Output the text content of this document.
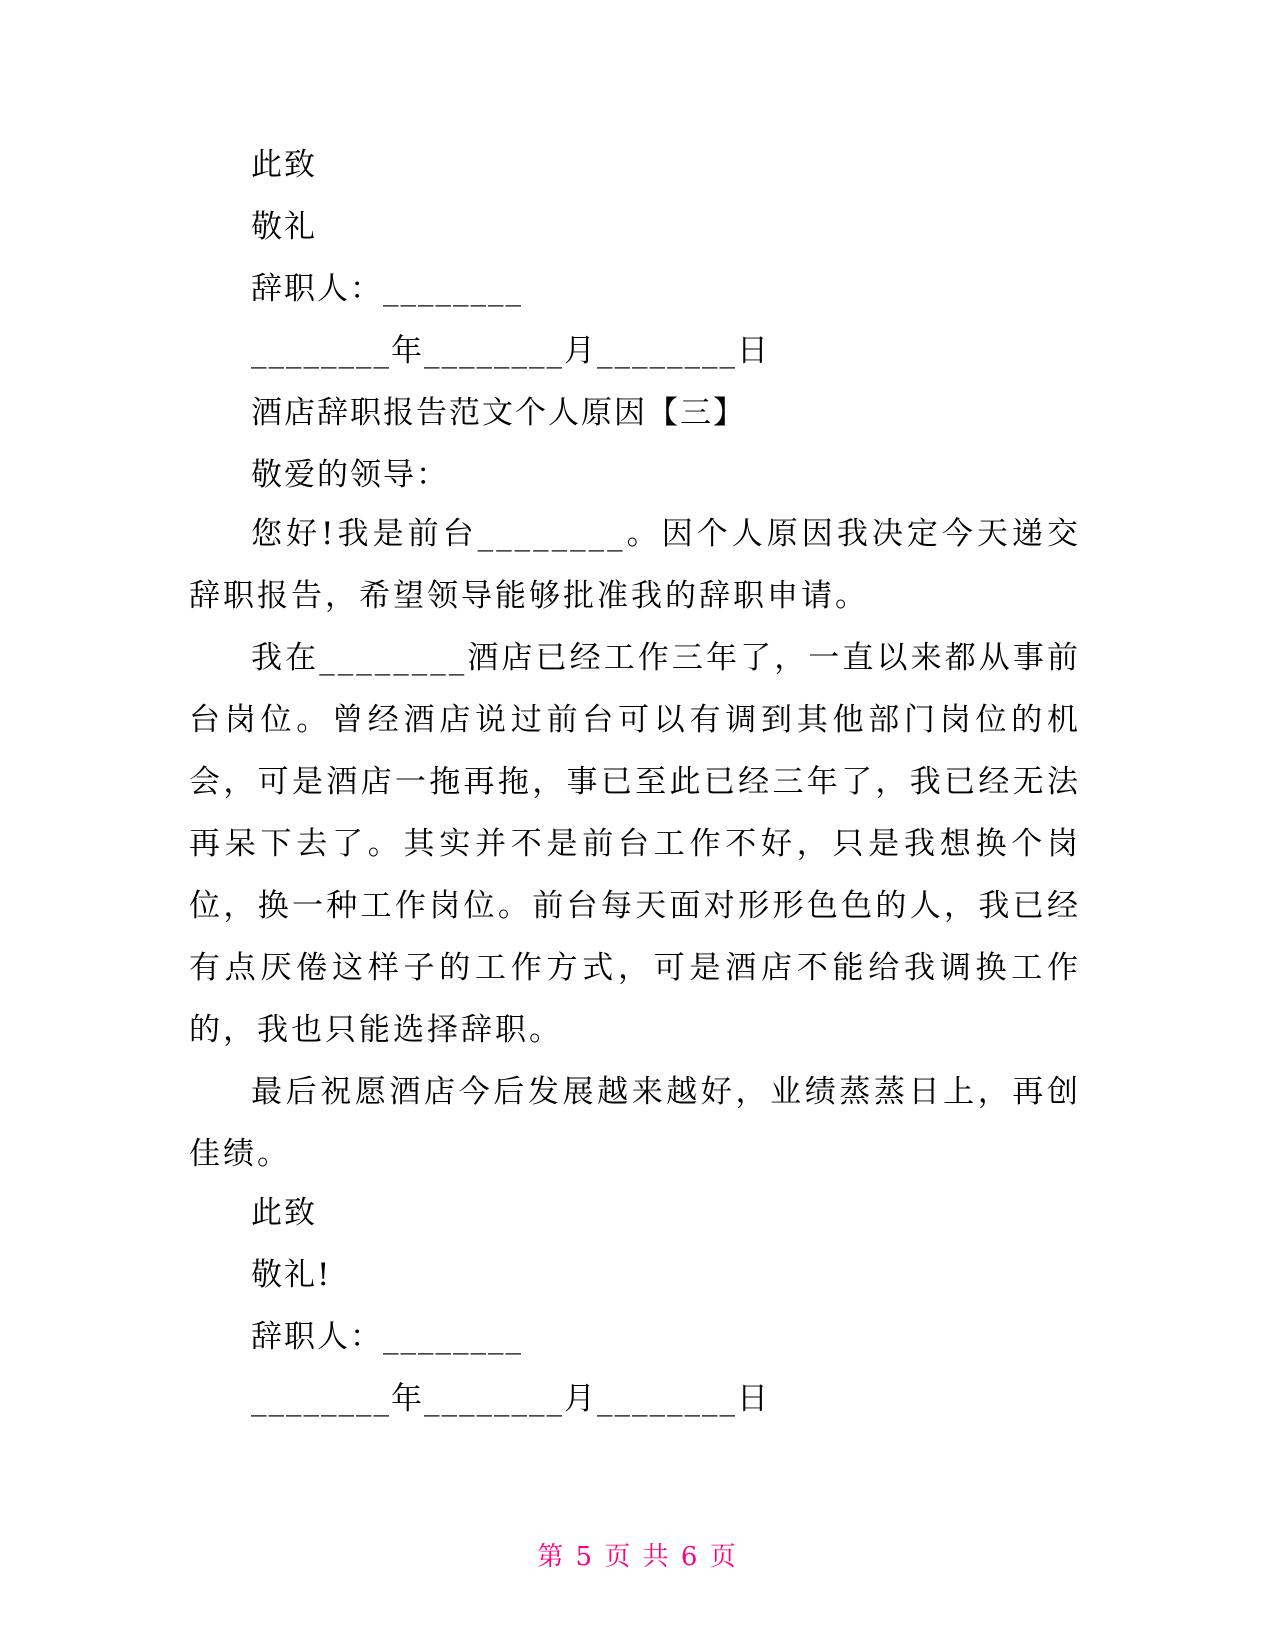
此致
敬礼
辞职人：________
________年________月________日
酒店辞职报告范文个人原因【三】
敬爱的领导：
您好!我是前台________。因个人原因我决定今天递交辞职报告，希望领导能够批准我的辞职申请。
我在________酒店已经工作三年了，一直以来都从事前台岗位。曾经酒店说过前台可以有调到其他部门岗位的机会，可是酒店一拖再拖，事已至此已经三年了，我已经无法再呆下去了。其实并不是前台工作不好，只是我想换个岗位，换一种工作岗位。前台每天面对形形色色的人，我已经有点厌倦这样子的工作方式，可是酒店不能给我调换工作的，我也只能选择辞职。
最后祝愿酒店今后发展越来越好，业绩蒸蒸日上，再创佳绩。
此致
敬礼!
辞职人：________
________年________月________日
第 5 页 共 6 页
